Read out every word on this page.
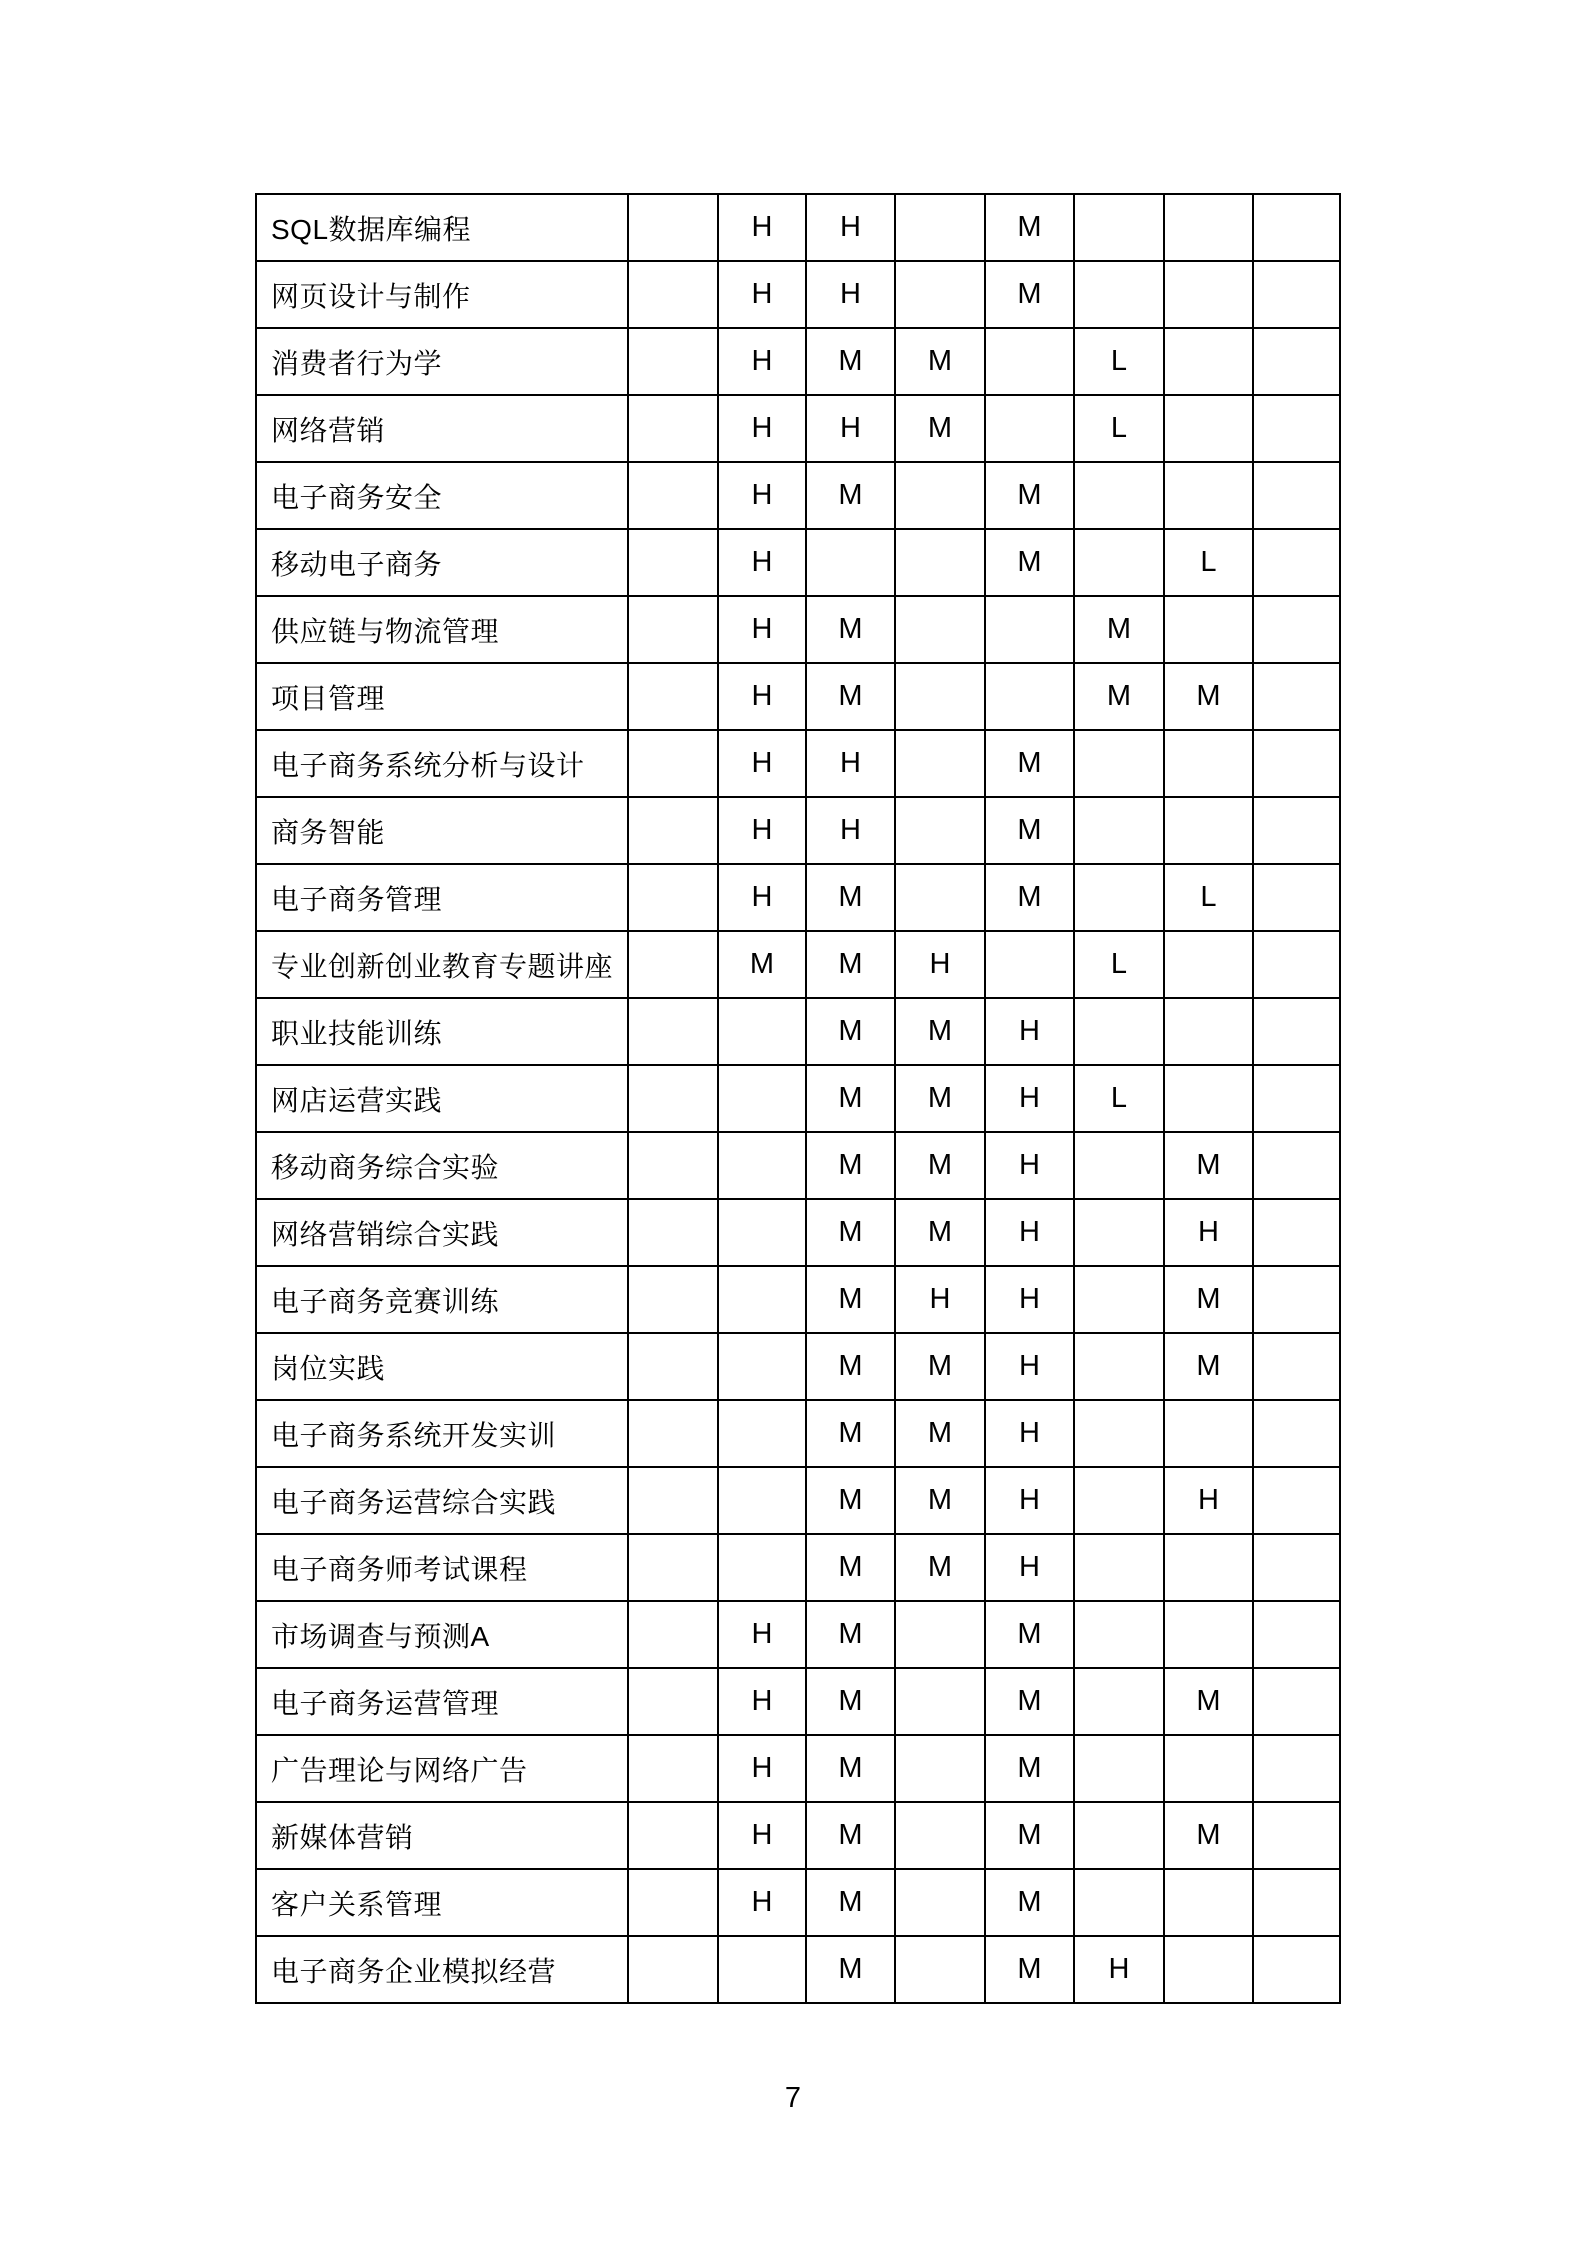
SQL数据库编程		H	H		M			
网页设计与制作		H	H		M			
消费者行为学		H	M	M		L		
网络营销		H	H	M		L		
电子商务安全		H	M		M			
移动电子商务		H			M		L	
供应链与物流管理		H	M			M		
项目管理		H	M			M	M	
电子商务系统分析与设计		H	H		M			
商务智能		H	H		M			
电子商务管理		H	M		M		L	
专业创新创业教育专题讲座		M	M	H		L		
职业技能训练			M	M	H			
网店运营实践			M	M	H	L		
移动商务综合实验			M	M	H		M	
网络营销综合实践			M	M	H		H	
电子商务竞赛训练			M	H	H		M	
岗位实践			M	M	H		M	
电子商务系统开发实训			M	M	H			
电子商务运营综合实践			M	M	H		H	
电子商务师考试课程			M	M	H			
市场调查与预测A		H	M		M			
电子商务运营管理		H	M		M		M	
广告理论与网络广告		H	M		M			
新媒体营销		H	M		M		M	
客户关系管理		H	M		M			
电子商务企业模拟经营			M		M	H		
7
